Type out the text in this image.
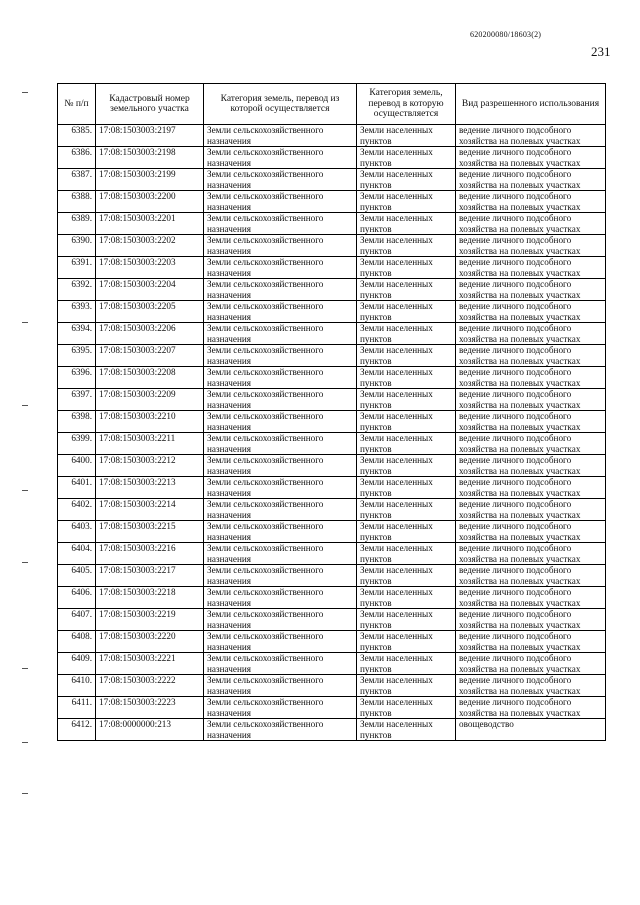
620200080/18603(2)
231
№ п/п	Кадастровый номер земельного участка	Категория земель, перевод из которой осуществляется	Категория земель, перевод в которую осуществляется	Вид разрешенного использования

6385.	17:08:1503003:2197	Земли сельскохозяйственного
назначения	Земли населенных
пунктов	ведение личного подсобного
хозяйства на полевых участках

6386.	17:08:1503003:2198	Земли сельскохозяйственного
назначения	Земли населенных
пунктов	ведение личного подсобного
хозяйства на полевых участках

6387.	17:08:1503003:2199	Земли сельскохозяйственного
назначения	Земли населенных
пунктов	ведение личного подсобного
хозяйства на полевых участках

6388.	17:08:1503003:2200	Земли сельскохозяйственного
назначения	Земли населенных
пунктов	ведение личного подсобного
хозяйства на полевых участках

6389.	17:08:1503003:2201	Земли сельскохозяйственного
назначения	Земли населенных
пунктов	ведение личного подсобного
хозяйства на полевых участках

6390.	17:08:1503003:2202	Земли сельскохозяйственного
назначения	Земли населенных
пунктов	ведение личного подсобного
хозяйства на полевых участках

6391.	17:08:1503003:2203	Земли сельскохозяйственного
назначения	Земли населенных
пунктов	ведение личного подсобного
хозяйства на полевых участках

6392.	17:08:1503003:2204	Земли сельскохозяйственного
назначения	Земли населенных
пунктов	ведение личного подсобного
хозяйства на полевых участках

6393.	17:08:1503003:2205	Земли сельскохозяйственного
назначения	Земли населенных
пунктов	ведение личного подсобного
хозяйства на полевых участках

6394.	17:08:1503003:2206	Земли сельскохозяйственного
назначения	Земли населенных
пунктов	ведение личного подсобного
хозяйства на полевых участках

6395.	17:08:1503003:2207	Земли сельскохозяйственного
назначения	Земли населенных
пунктов	ведение личного подсобного
хозяйства на полевых участках

6396.	17:08:1503003:2208	Земли сельскохозяйственного
назначения	Земли населенных
пунктов	ведение личного подсобного
хозяйства на полевых участках

6397.	17:08:1503003:2209	Земли сельскохозяйственного
назначения	Земли населенных
пунктов	ведение личного подсобного
хозяйства на полевых участках

6398.	17:08:1503003:2210	Земли сельскохозяйственного
назначения	Земли населенных
пунктов	ведение личного подсобного
хозяйства на полевых участках

6399.	17:08:1503003:2211	Земли сельскохозяйственного
назначения	Земли населенных
пунктов	ведение личного подсобного
хозяйства на полевых участках

6400.	17:08:1503003:2212	Земли сельскохозяйственного
назначения	Земли населенных
пунктов	ведение личного подсобного
хозяйства на полевых участках

6401.	17:08:1503003:2213	Земли сельскохозяйственного
назначения	Земли населенных
пунктов	ведение личного подсобного
хозяйства на полевых участках

6402.	17:08:1503003:2214	Земли сельскохозяйственного
назначения	Земли населенных
пунктов	ведение личного подсобного
хозяйства на полевых участках

6403.	17:08:1503003:2215	Земли сельскохозяйственного
назначения	Земли населенных
пунктов	ведение личного подсобного
хозяйства на полевых участках

6404.	17:08:1503003:2216	Земли сельскохозяйственного
назначения	Земли населенных
пунктов	ведение личного подсобного
хозяйства на полевых участках

6405.	17:08:1503003:2217	Земли сельскохозяйственного
назначения	Земли населенных
пунктов	ведение личного подсобного
хозяйства на полевых участках

6406.	17:08:1503003:2218	Земли сельскохозяйственного
назначения	Земли населенных
пунктов	ведение личного подсобного
хозяйства на полевых участках

6407.	17:08:1503003:2219	Земли сельскохозяйственного
назначения	Земли населенных
пунктов	ведение личного подсобного
хозяйства на полевых участках

6408.	17:08:1503003:2220	Земли сельскохозяйственного
назначения	Земли населенных
пунктов	ведение личного подсобного
хозяйства на полевых участках

6409.	17:08:1503003:2221	Земли сельскохозяйственного
назначения	Земли населенных
пунктов	ведение личного подсобного
хозяйства на полевых участках

6410.	17:08:1503003:2222	Земли сельскохозяйственного
назначения	Земли населенных
пунктов	ведение личного подсобного
хозяйства на полевых участках

6411.	17:08:1503003:2223	Земли сельскохозяйственного
назначения	Земли населенных
пунктов	ведение личного подсобного
хозяйства на полевых участках

6412.	17:08:0000000:213	Земли сельскохозяйственного
назначения	Земли населенных
пунктов	овощеводство
